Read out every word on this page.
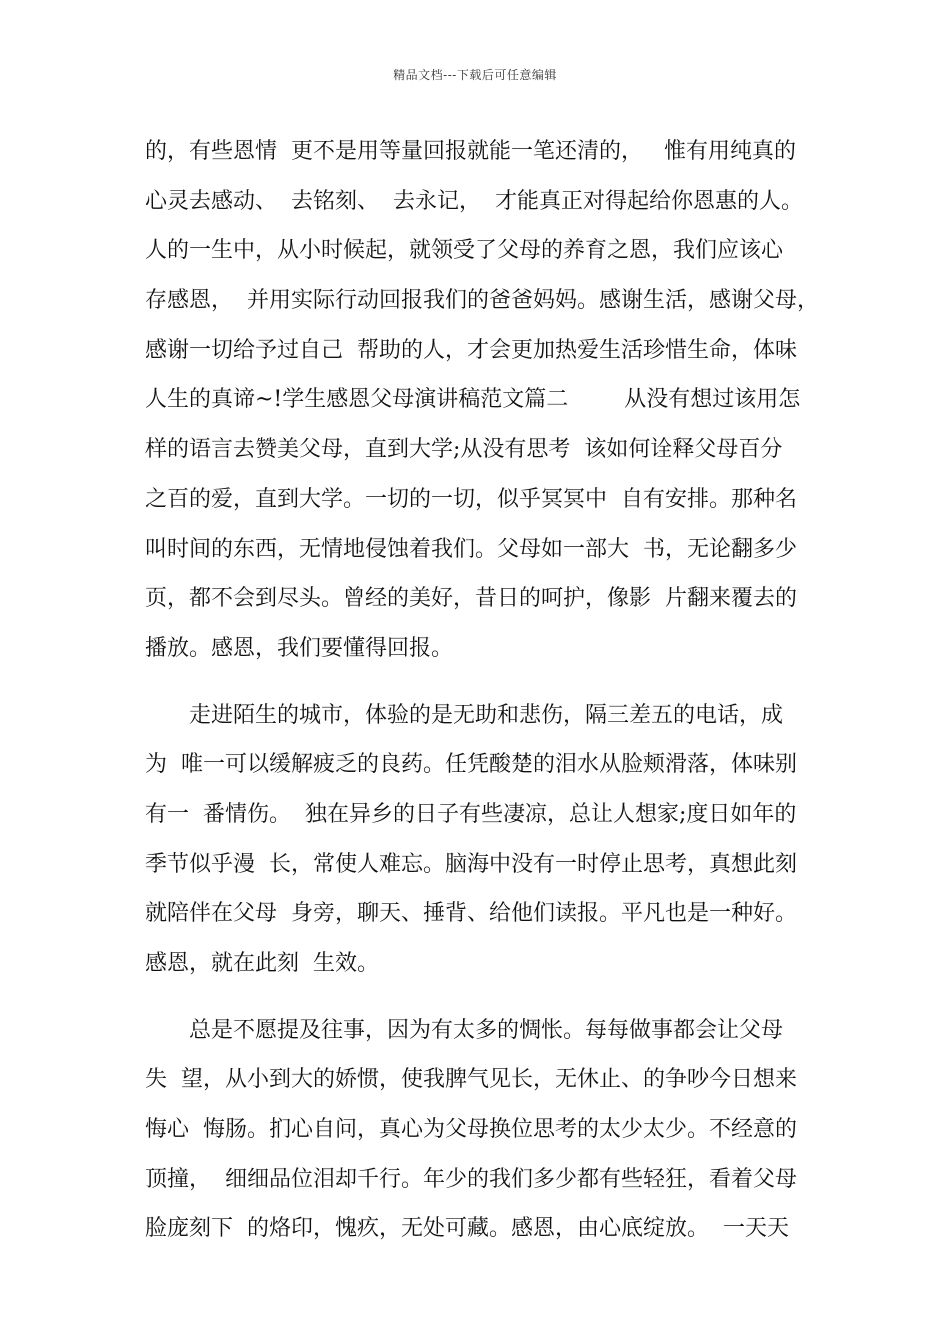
精品文档---下载后可任意编辑
的，有些恩情  更不是用等量回报就能一笔还清的，   惟有用纯真的
心灵去感动、  去铭刻、  去永记，  才能真正对得起给你恩惠的人。
人的一生中，从小时候起，就领受了父母的养育之恩，我们应该心
存感恩，  并用实际行动回报我们的爸爸妈妈。感谢生活，感谢父母，
感谢一切给予过自己  帮助的人，才会更加热爱生活珍惜生命，体味
人生的真谛~!学生感恩父母演讲稿范文篇二        从没有想过该用怎
样的语言去赞美父母，直到大学;从没有思考  该如何诠释父母百分
之百的爱，直到大学。一切的一切，似乎冥冥中  自有安排。那种名
叫时间的东西，无情地侵蚀着我们。父母如一部大  书，无论翻多少
页，都不会到尽头。曾经的美好，昔日的呵护，像影  片翻来覆去的
播放。感恩，我们要懂得回报。
走进陌生的城市，体验的是无助和悲伤，隔三差五的电话，成
为  唯一可以缓解疲乏的良药。任凭酸楚的泪水从脸颊滑落，体味别
有一  番情伤。  独在异乡的日子有些凄凉，总让人想家;度日如年的
季节似乎漫  长，常使人难忘。脑海中没有一时停止思考，真想此刻
就陪伴在父母  身旁，聊天、捶背、给他们读报。平凡也是一种好。
感恩，就在此刻  生效。
总是不愿提及往事，因为有太多的惆怅。每每做事都会让父母
失  望，从小到大的娇惯，使我脾气见长，无休止、的争吵今日想来
悔心  悔肠。扪心自问，真心为父母换位思考的太少太少。不经意的
顶撞，  细细品位泪却千行。年少的我们多少都有些轻狂，看着父母
脸庞刻下  的烙印，愧疚，无处可藏。感恩，由心底绽放。  一天天
